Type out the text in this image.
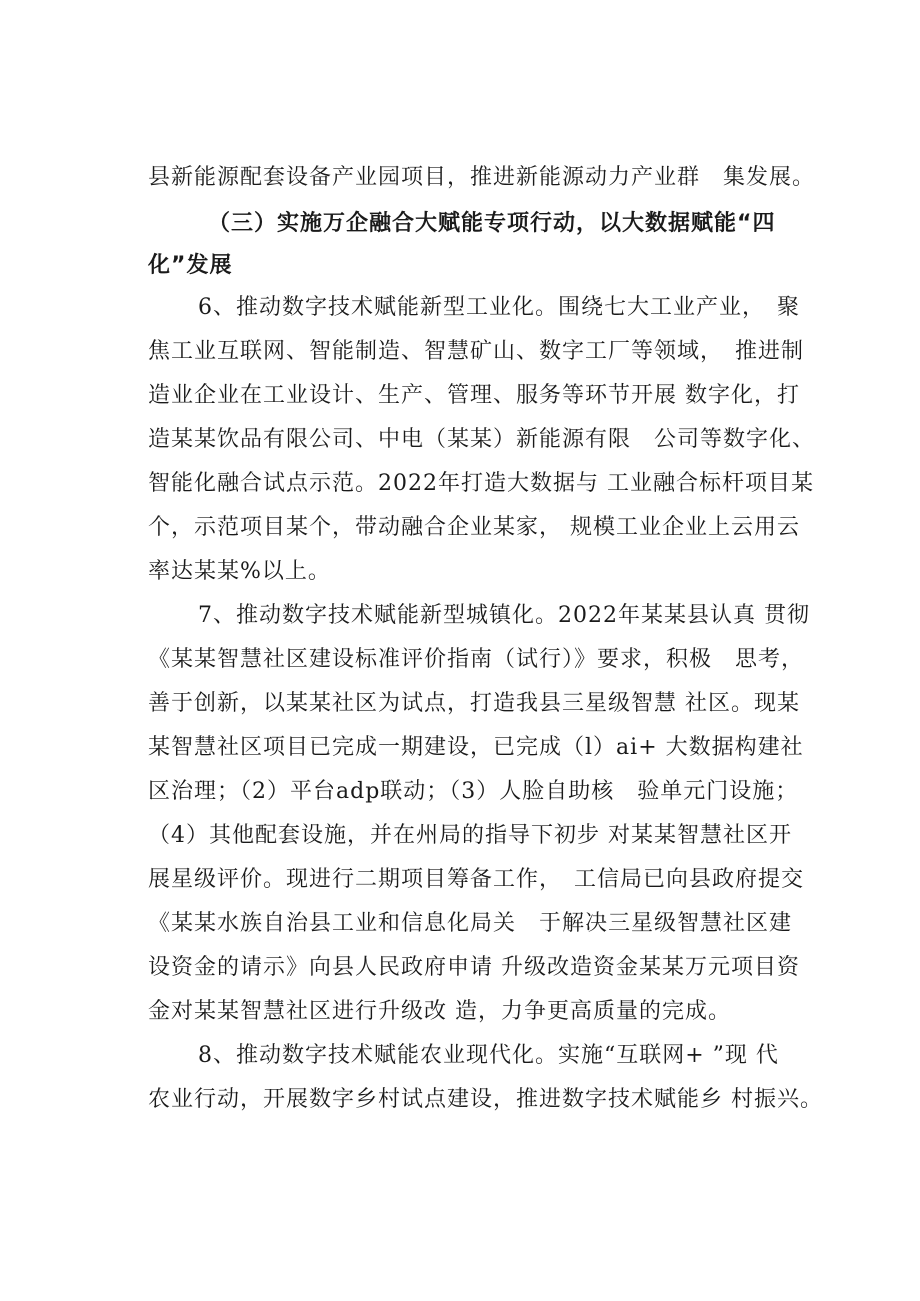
县新能源配套设备产业园项目，推进新能源动力产业群　集发展。
（三）实施万企融合大赋能专项行动，以大数据赋能“四
化”发展
6、推动数字技术赋能新型工业化。围绕七大工业产业，　聚
焦工业互联网、智能制造、智慧矿山、数字工厂等领域，　推进制
造业企业在工业设计、生产、管理、服务等环节开展 数字化，打
造某某饮品有限公司、中电（某某）新能源有限　公司等数字化、
智能化融合试点示范。2022年打造大数据与 工业融合标杆项目某
个，示范项目某个，带动融合企业某家， 规模工业企业上云用云
率达某某%以上。
7、推动数字技术赋能新型城镇化。2022年某某县认真 贯彻
《某某智慧社区建设标准评价指南（试行）》要求，积极　思考，
善于创新，以某某社区为试点，打造我县三星级智慧 社区。现某
某智慧社区项目已完成一期建设，已完成（l）ai+ 大数据构建社
区治理；（2）平台adp联动；（3）人脸自助核　验单元门设施；
（4）其他配套设施，并在州局的指导下初步 对某某智慧社区开
展星级评价。现进行二期项目筹备工作，　工信局已向县政府提交
《某某水族自治县工业和信息化局关　于解决三星级智慧社区建
设资金的请示》向县人民政府申请 升级改造资金某某万元项目资
金对某某智慧社区进行升级改 造，力争更高质量的完成。
8、推动数字技术赋能农业现代化。实施“互联网+ ”现 代
农业行动，开展数字乡村试点建设，推进数字技术赋能乡 村振兴。
